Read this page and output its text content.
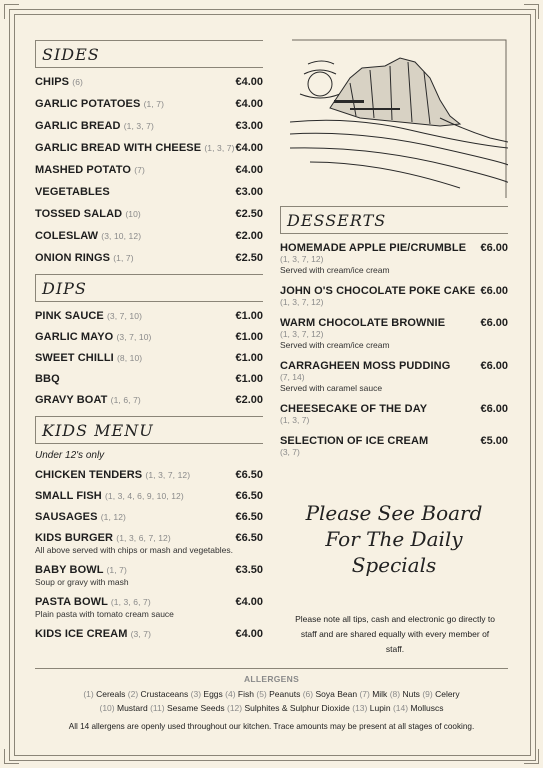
SIDES
CHIPS (6)	€4.00
GARLIC POTATOES (1, 7)	€4.00
GARLIC BREAD (1, 3, 7)	€3.00
GARLIC BREAD WITH CHEESE (1, 3, 7) €4.00
MASHED POTATO (7)	€4.00
VEGETABLES	€3.00
TOSSED SALAD (10)	€2.50
COLESLAW (3, 10, 12)	€2.00
ONION RINGS (1, 7)	€2.50
DIPS
PINK SAUCE (3, 7, 10)	€1.00
GARLIC MAYO (3, 7, 10)	€1.00
SWEET CHILLI (8, 10)	€1.00
BBQ	€1.00
GRAVY BOAT (1, 6, 7)	€2.00
KIDS MENU
Under 12's only
CHICKEN TENDERS (1, 3, 7, 12)	€6.50
SMALL FISH (1, 3, 4, 6, 9, 10, 12)	€6.50
SAUSAGES (1, 12)	€6.50
KIDS BURGER (1, 3, 6, 7, 12)	€6.50
All above served with chips or mash and vegetables.
BABY BOWL (1, 7)	€3.50
Soup or gravy with mash
PASTA BOWL (1, 3, 6, 7)	€4.00
Plain pasta with tomato cream sauce
KIDS ICE CREAM (3, 7)	€4.00
DESSERTS
HOMEMADE APPLE PIE/CRUMBLE €6.00
(1, 3, 7, 12)
Served with cream/ice cream
JOHN O'S CHOCOLATE POKE CAKE €6.00
(1, 3, 7, 12)
WARM CHOCOLATE BROWNIE	€6.00
(1, 3, 7, 12)
Served with cream/ice cream
CARRAGHEEN MOSS PUDDING	€6.00
(7, 14)
Served with caramel sauce
CHEESECAKE OF THE DAY	€6.00
(1, 3, 7)
SELECTION OF ICE CREAM	€5.00
(3, 7)
Please See Board
For The Daily
Specials
Please note all tips, cash and electronic go directly to staff and are shared equally with every member of staff.
ALLERGENS
(1) Cereals (2) Crustaceans (3) Eggs (4) Fish (5) Peanuts (6) Soya Bean (7) Milk (8) Nuts (9) Celery
(10) Mustard (11) Sesame Seeds (12) Sulphites & Sulphur Dioxide (13) Lupin (14) Molluscs
All 14 allergens are openly used throughout our kitchen. Trace amounts may be present at all stages of cooking.
